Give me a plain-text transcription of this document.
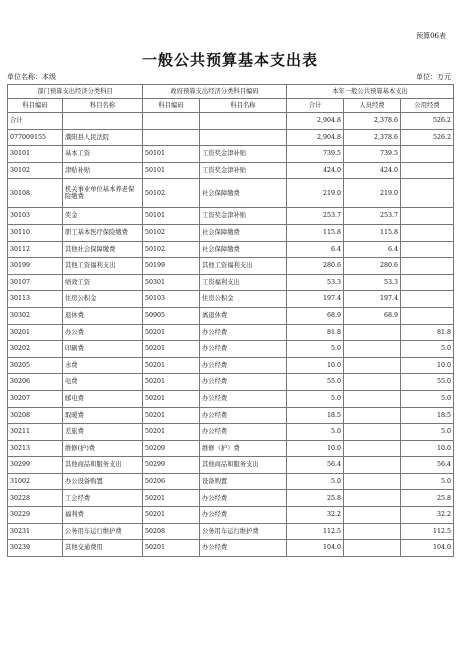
预算06表
一般公共预算基本支出表
单位名称：本级	单位：万元
部门预算支出经济分类科目		政府预算支出经济分类科目编码		本年一般公共预算基本支出		
科目编码	科目名称	科目编码	科目名称	合计	人员经费	公用经费
合计				2,904.8	2,378.6	526.2
077009155	濮阳县人民法院			2,904.8	2,378.6	526.2
30101	基本工资	50101	工资奖金津补贴	739.5	739.5	
30102	津贴补贴	50101	工资奖金津补贴	424.0	424.0	
30108	机关事业单位基本养老保险缴费	50102	社会保障缴费	219.0	219.0	
30103	奖金	50101	工资奖金津补贴	253.7	253.7	
30110	职工基本医疗保险缴费	50102	社会保障缴费	115.8	115.8	
30112	其他社会保障缴费	50102	社会保障缴费	6.4	6.4	
30199	其他工资福利支出	50199	其他工资福利支出	280.6	280.6	
30107	绩效工资	50301	工资福利支出	53.3	53.3	
30113	住房公积金	50103	住房公积金	197.4	197.4	
30302	退休费	50905	离退休费	68.9	68.9	
30201	办公费	50201	办公经费	81.8		81.8
30202	印刷费	50201	办公经费	5.0		5.0
30205	水费	50201	办公经费	10.0		10.0
30206	电费	50201	办公经费	55.0		55.0
30207	邮电费	50201	办公经费	5.0		5.0
30208	取暖费	50201	办公经费	18.5		18.5
30211	差旅费	50201	办公经费	5.0		5.0
30213	维修(护)费	50209	维修（护）费	10.0		10.0
30299	其他商品和服务支出	50299	其他商品和服务支出	56.4		56.4
31002	办公设备购置	50206	设备购置	5.0		5.0
30228	工会经费	50201	办公经费	25.8		25.8
30229	福利费	50201	办公经费	32.2		32.2
30231	公务用车运行维护费	50208	公务用车运行维护费	112.5		112.5
30239	其他交通费用	50201	办公经费	104.0		104.0
